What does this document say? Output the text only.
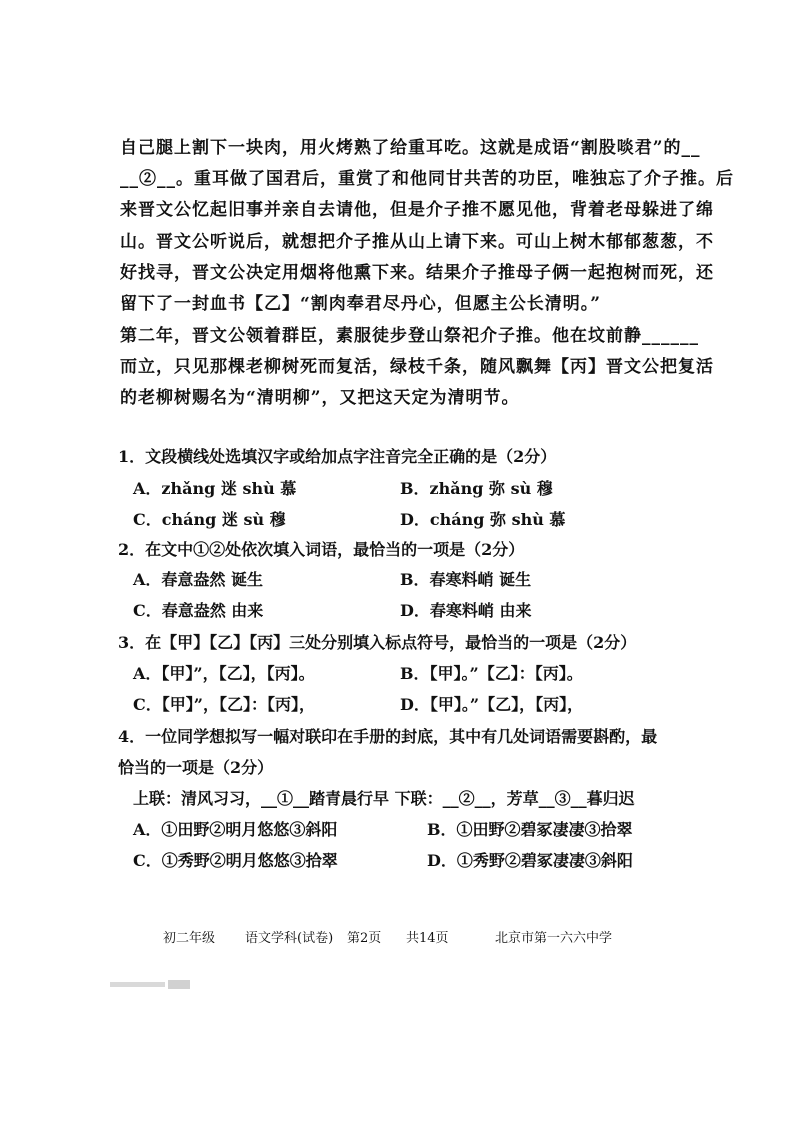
自己腿上割下一块肉，用火烤熟了给重耳吃。这就是成语“割股啖君”的__
__②__。重耳做了国君后，重赏了和他同甘共苦的功臣，唯独忘了介子推。后
来晋文公忆起旧事并亲自去请他，但是介子推不愿见他，背着老母躲进了绵
山。晋文公听说后，就想把介子推从山上请下来。可山上树木郁郁葱葱，不
好找寻，晋文公决定用烟将他熏下来。结果介子推母子俩一起抱树而死，还
留下了一封血书【乙】“割肉奉君尽丹心，但愿主公长清明。”
第二年，晋文公领着群臣，素服徒步登山祭祀介子推。他在坟前静______
而立，只见那棵老柳树死而复活，绿枝千条，随风飘舞【丙】晋文公把复活
的老柳树赐名为“清明柳”，又把这天定为清明节。
1．文段横线处选填汉字或给加点字注音完全正确的是（2分）
A．zhǎng 迷 shù 慕	B．zhǎng 弥 sù 穆
C．cháng 迷 sù 穆	D．cháng 弥 shù 慕
2．在文中①②处依次填入词语，最恰当的一项是（2分）
A．春意盎然 诞生	B．春寒料峭 诞生
C．春意盎然 由来	D．春寒料峭 由来
3．在【甲】【乙】【丙】三处分别填入标点符号，最恰当的一项是（2分）
A．【甲】”，【乙】，【丙】。	B．【甲】。”【乙】：【丙】。
C．【甲】”，【乙】：【丙】，	D．【甲】。”【乙】，【丙】，
4．一位同学想拟写一幅对联印在手册的封底，其中有几处词语需要斟酌，最
恰当的一项是（2分）
上联：清风习习，__①__踏青晨行早 下联：__②__，芳草__③__暮归迟
A．①田野②明月悠悠③斜阳	B．①田野②碧冢凄凄③拾翠
C．①秀野②明月悠悠③拾翠	D．①秀野②碧冢凄凄③斜阳
初二年级 语文学科(试卷) 第2页 共14页	北京市第一六六中学
